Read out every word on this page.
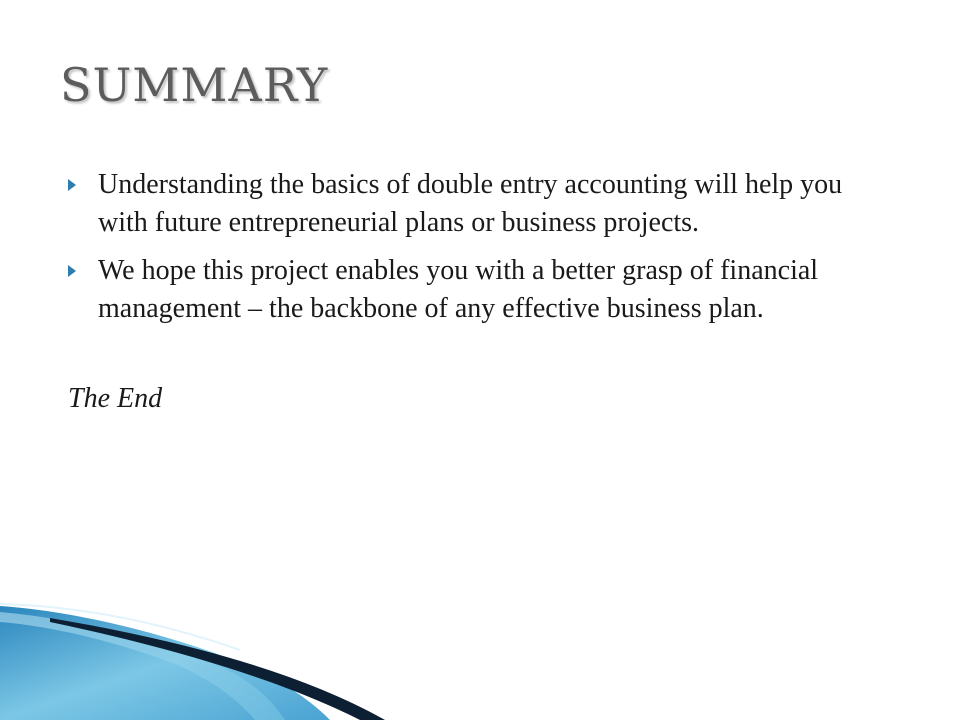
SUMMARY
Understanding the basics of double entry accounting will help you with future entrepreneurial plans or business projects.
We hope this project enables you with a better grasp of financial management – the backbone of any effective business plan.
The End
